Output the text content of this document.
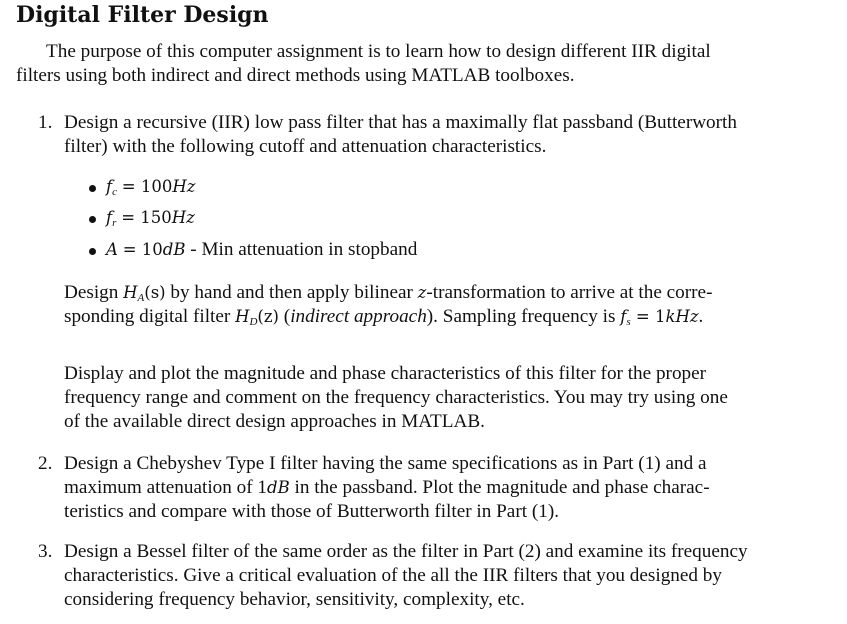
Digital Filter Design
The purpose of this computer assignment is to learn how to design different IIR digital
filters using both indirect and direct methods using MATLAB toolboxes.
1. Design a recursive (IIR) low pass filter that has a maximally flat passband (Butterworth
filter) with the following cutoff and attenuation characteristics.
$f_c = 100Hz$
$f_r = 150Hz$
A = 10dB - Min attenuation in stopband
Design $H_A(s)$ by hand and then apply bilinear z-transformation to arrive at the corre-
sponding digital filter $H_D(z)$ (indirect approach). Sampling frequency is $f_s = 1kHz$.
Display and plot the magnitude and phase characteristics of this filter for the proper
frequency range and comment on the frequency characteristics. You may try using one
of the available direct design approaches in MATLAB.
2. Design a Chebyshev Type I filter having the same specifications as in Part (1) and a
maximum attenuation of 1dB in the passband. Plot the magnitude and phase charac-
teristics and compare with those of Butterworth filter in Part (1).
3. Design a Bessel filter of the same order as the filter in Part (2) and examine its frequency
characteristics. Give a critical evaluation of the all the IIR filters that you designed by
considering frequency behavior, sensitivity, complexity, etc.
